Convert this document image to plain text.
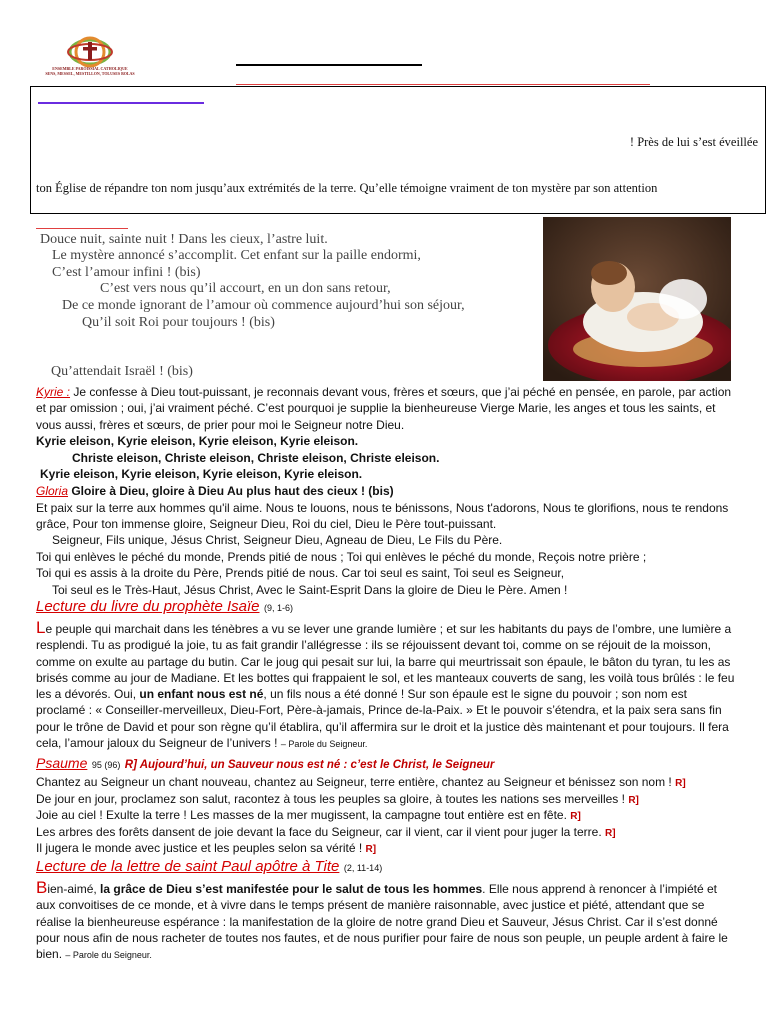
ENSEMBLE PAROISSIAL CATHOLIQUE
SENS, MESSEL, MESTILLON, TOLUSES BOLAS
! Près de lui s’est éveillée
ton Église de répandre ton nom jusqu’aux extrémités de la terre. Qu’elle témoigne vraiment de ton mystère par son attention
Douce nuit, sainte nuit ! Dans les cieux, l’astre luit.
Le mystère annoncé s’accomplit. Cet enfant sur la paille endormi,
C’est l’amour infini ! (bis)
C’est vers nous qu’il accourt, en un don sans retour,
De ce monde ignorant de l’amour où commence aujourd’hui son séjour,
Qu’il soit Roi pour toujours ! (bis)
Qu’attendait Israël ! (bis)
Kyrie : Je confesse à Dieu tout-puissant, je reconnais devant vous, frères et sœurs, que j’ai péché en pensée, en parole, par action et par omission ; oui, j’ai vraiment péché. C’est pourquoi je supplie la bienheureuse Vierge Marie, les anges et tous les saints, et vous aussi, frères et sœurs, de prier pour moi le Seigneur notre Dieu.
Kyrie eleison, Kyrie eleison, Kyrie eleison, Kyrie eleison.
Christe eleison, Christe eleison, Christe eleison, Christe eleison.
Kyrie eleison, Kyrie eleison, Kyrie eleison, Kyrie eleison.
Gloria Gloire à Dieu, gloire à Dieu Au plus haut des cieux ! (bis)
Et paix sur la terre aux hommes qu'il aime. Nous te louons, nous te bénissons, Nous t'adorons, Nous te glorifions, nous te rendons grâce, Pour ton immense gloire, Seigneur Dieu, Roi du ciel, Dieu le Père tout-puissant.
Seigneur, Fils unique, Jésus Christ, Seigneur Dieu, Agneau de Dieu, Le Fils du Père.
Toi qui enlèves le péché du monde, Prends pitié de nous ; Toi qui enlèves le péché du monde, Reçois notre prière ;
Toi qui es assis à la droite du Père, Prends pitié de nous. Car toi seul es saint, Toi seul es Seigneur,
Toi seul es le Très-Haut, Jésus Christ, Avec le Saint-Esprit Dans la gloire de Dieu le Père. Amen !
Lecture du livre du prophète Isaïe (9, 1-6)
Le peuple qui marchait dans les ténèbres a vu se lever une grande lumière ; et sur les habitants du pays de l’ombre, une lumière a resplendi. Tu as prodigué la joie, tu as fait grandir l’allégresse : ils se réjouissent devant toi, comme on se réjouit de la moisson, comme on exulte au partage du butin. Car le joug qui pesait sur lui, la barre qui meurtrissait son épaule, le bâton du tyran, tu les as brisés comme au jour de Madiane. Et les bottes qui frappaient le sol, et les manteaux couverts de sang, les voilà tous brûlés : le feu les a dévorés. Oui, un enfant nous est né, un fils nous a été donné ! Sur son épaule est le signe du pouvoir ; son nom est proclamé : « Conseiller-merveilleux, Dieu-Fort, Père-à-jamais, Prince de-la-Paix. » Et le pouvoir s’étendra, et la paix sera sans fin pour le trône de David et pour son règne qu’il établira, qu’il affermira sur le droit et la justice dès maintenant et pour toujours. Il fera cela, l’amour jaloux du Seigneur de l’univers ! – Parole du Seigneur.
Psaume 95 (96) R] Aujourd’hui, un Sauveur nous est né : c’est le Christ, le Seigneur
Chantez au Seigneur un chant nouveau, chantez au Seigneur, terre entière, chantez au Seigneur et bénissez son nom ! R]
De jour en jour, proclamez son salut, racontez à tous les peuples sa gloire, à toutes les nations ses merveilles ! R]
Joie au ciel ! Exulte la terre ! Les masses de la mer mugissent, la campagne tout entière est en fête. R]
Les arbres des forêts dansent de joie devant la face du Seigneur, car il vient, car il vient pour juger la terre. R]
Il jugera le monde avec justice et les peuples selon sa vérité ! R]
Lecture de la lettre de saint Paul apôtre à Tite (2, 11-14)
Bien-aimé, la grâce de Dieu s’est manifestée pour le salut de tous les hommes. Elle nous apprend à renoncer à l’impiété et aux convoitises de ce monde, et à vivre dans le temps présent de manière raisonnable, avec justice et piété, attendant que se réalise la bienheureuse espérance : la manifestation de la gloire de notre grand Dieu et Sauveur, Jésus Christ. Car il s’est donné pour nous afin de nous racheter de toutes nos fautes, et de nous purifier pour faire de nous son peuple, un peuple ardent à faire le bien. – Parole du Seigneur.
